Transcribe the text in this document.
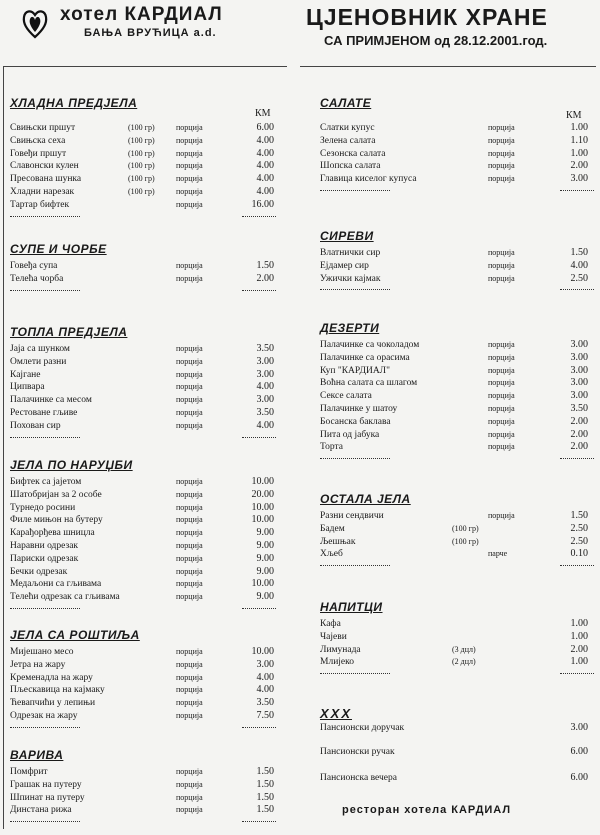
хотел КАРДИАЛ
БАЊА ВРУЋИЦА а.d.
ЦЈЕНОВНИК ХРАНЕ
СА ПРИМЈЕНОМ од 28.12.2001.год.
КМ	КМ
ХЛАДНА ПРЕДЈЕЛА
Свињски пршут	(100 гр)	порција	6.00
Свињска сеха	(100 гр)	порција	4.00
Говеђи пршут	(100 гр)	порција	4.00
Славонски кулен	(100 гр)	порција	4.00
Пресована шунка	(100 гр)	порција	4.00
Хладни нарезак	(100 гр)	порција	4.00
Тартар бифтек	порција	16.00
СУПЕ И ЧОРБЕ
Говеђа супа	порција	1.50
Телећа чорба	порција	2.00
ТОПЛА ПРЕДЈЕЛА
Јаја са шунком	порција	3.50
Омлети разни	порција	3.00
Кајгане	порција	3.00
Ципвара	порција	4.00
Палачинке са месом	порција	3.00
Рестоване гљиве	порција	3.50
Похован сир	порција	4.00
ЈЕЛА ПО НАРУЏБИ
Бифтек са јајетом	порција	10.00
Шатобријан за 2 особе	порција	20.00
Турнедо росини	порција	10.00
Филе мињон на бутеру	порција	10.00
Карађорђева шницла	порција	9.00
Наравни одрезак	порција	9.00
Париски одрезак	порција	9.00
Бечки одрезак	порција	9.00
Медаљони са гљивама	порција	10.00
Телећи одрезак са гљивама	порција	9.00
ЈЕЛА СА РОШТИЉА
Мијешано месо	порција	10.00
Јетра на жару	порција	3.00
Кременадла на жару	порција	4.00
Пљескавица на кајмаку	порција	4.00
Ћевапчићи у лепињи	порција	3.50
Одрезак на жару	порција	7.50
ВАРИВА
Помфрит	порција	1.50
Грашак на путеру	порција	1.50
Шпинат на путеру	порција	1.50
Динстана рижа	порција	1.50
САЛАТЕ
Слатки купус	порција	1.00
Зелена салата	порција	1.10
Сезонска салата	порција	1.00
Шопска салата	порција	2.00
Главица киселог купуса	порција	3.00
СИРЕВИ
Влатнички сир	порција	1.50
Ејдамер сир	порција	4.00
Ужички кајмак	порција	2.50
ДЕЗЕРТИ
Палачинке са чоколадом	порција	3.00
Палачинке са орасима	порција	3.00
Куп "КАРДИАЛ"	порција	3.00
Воћна салата са шлагом	порција	3.00
Сексе салата	порција	3.00
Палачинке у шатоу	порција	3.50
Босанска баклава	порција	2.00
Пита од јабука	порција	2.00
Торта	порција	2.00
ОСТАЛА ЈЕЛА
Разни сендвичи	порција	1.50
Бадем	(100 гр)	2.50
Љешњак	(100 гр)	2.50
Хљеб	парче	0.10
НАПИТЦИ
Кафа	1.00
Чајеви	1.00
Лимунада	(3 дцл)	2.00
Млијеко	(2 дцл)	1.00
XXX
Пансионски доручак	3.00
Пансионски ручак	6.00
Пансионска вечера	6.00
ресторан хотела КАРДИАЛ
